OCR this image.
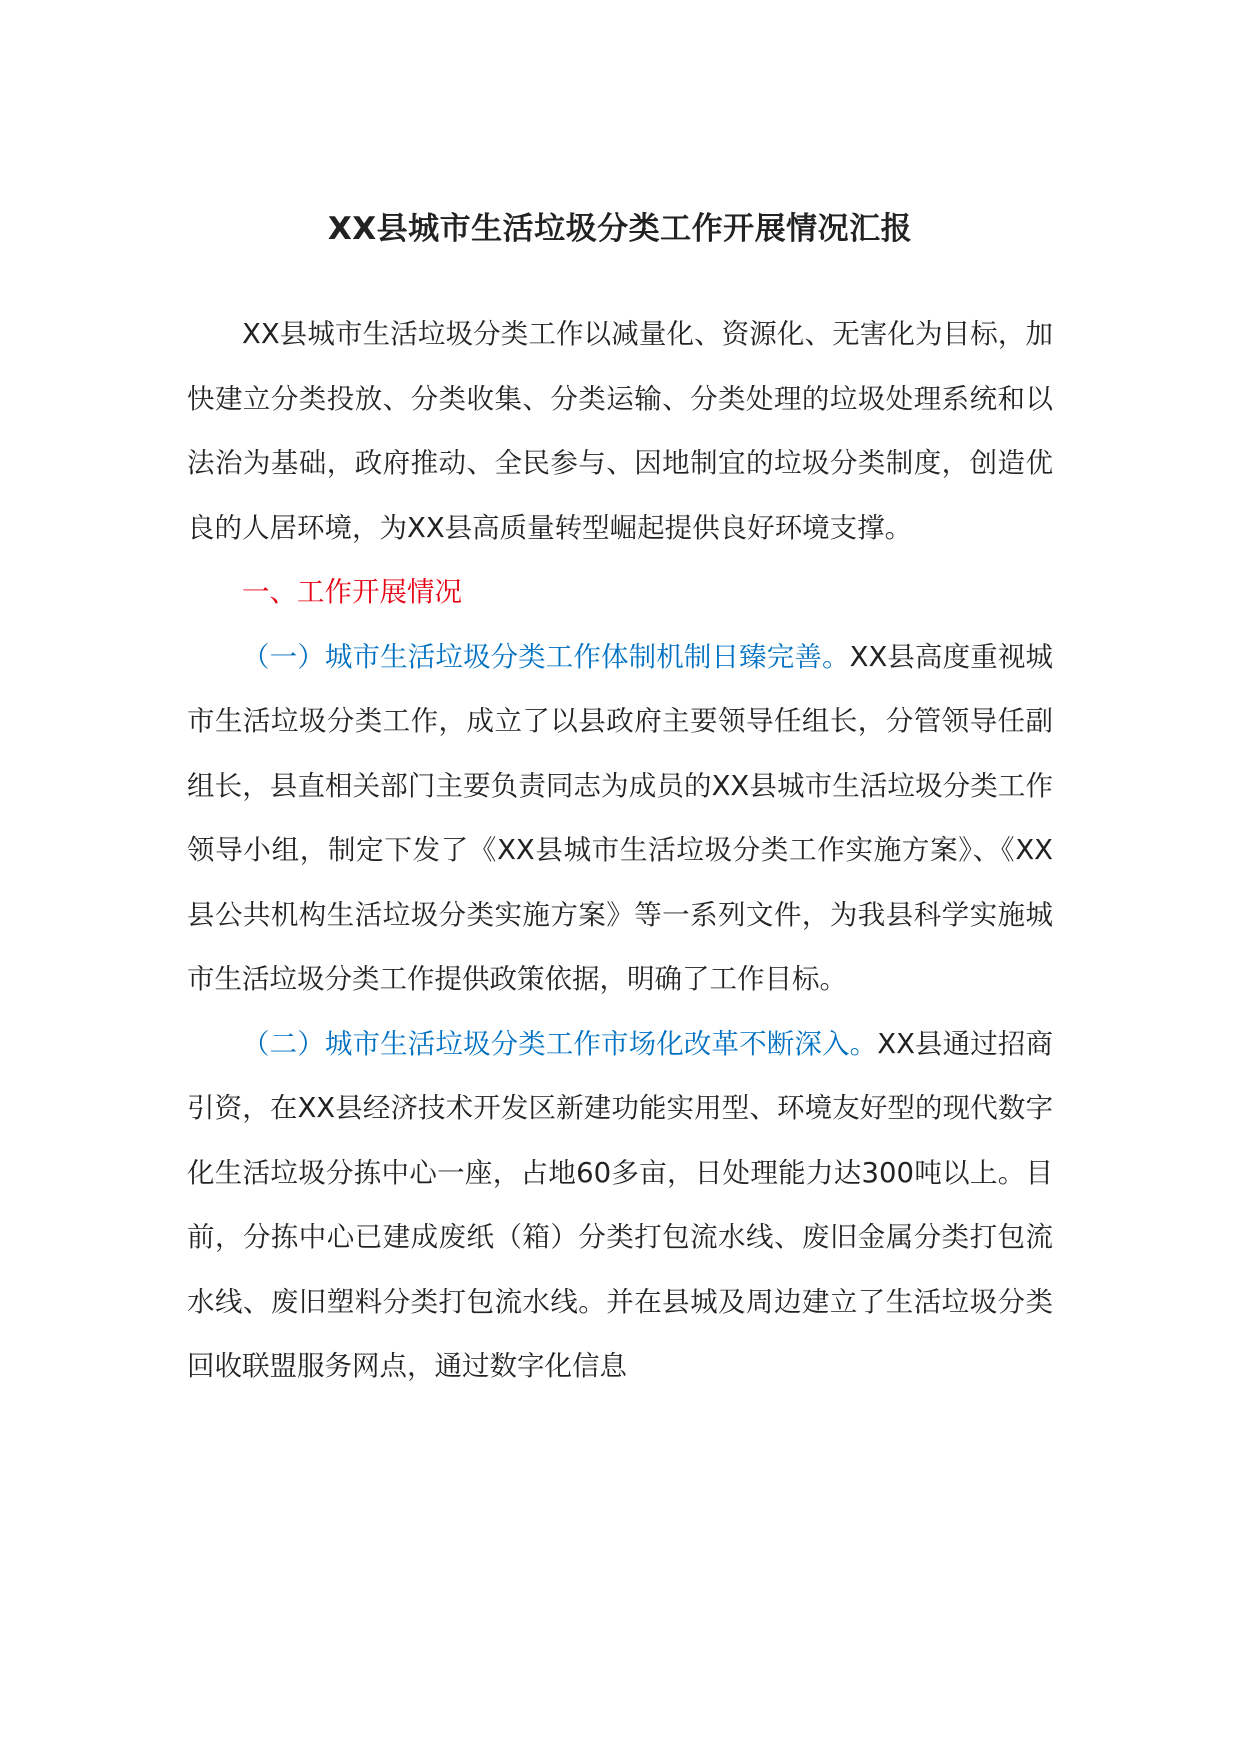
XX县城市生活垃圾分类工作开展情况汇报

XX县城市生活垃圾分类工作以减量化、资源化、无害化为目标，加快建立分类投放、分类收集、分类运输、分类处理的垃圾处理系统和以法治为基础，政府推动、全民参与、因地制宜的垃圾分类制度，创造优良的人居环境，为XX县高质量转型崛起提供良好环境支撑。

一、工作开展情况

（一）城市生活垃圾分类工作体制机制日臻完善。XX县高度重视城市生活垃圾分类工作，成立了以县政府主要领导任组长，分管领导任副组长，县直相关部门主要负责同志为成员的XX县城市生活垃圾分类工作领导小组，制定下发了《XX县城市生活垃圾分类工作实施方案》、《XX县公共机构生活垃圾分类实施方案》等一系列文件，为我县科学实施城市生活垃圾分类工作提供政策依据，明确了工作目标。

（二）城市生活垃圾分类工作市场化改革不断深入。XX县通过招商引资，在XX县经济技术开发区新建功能实用型、环境友好型的现代数字化生活垃圾分拣中心一座，占地60多亩，日处理能力达300吨以上。目前，分拣中心已建成废纸（箱）分类打包流水线、废旧金属分类打包流水线、废旧塑料分类打包流水线。并在县城及周边建立了生活垃圾分类回收联盟服务网点，通过数字化信息
